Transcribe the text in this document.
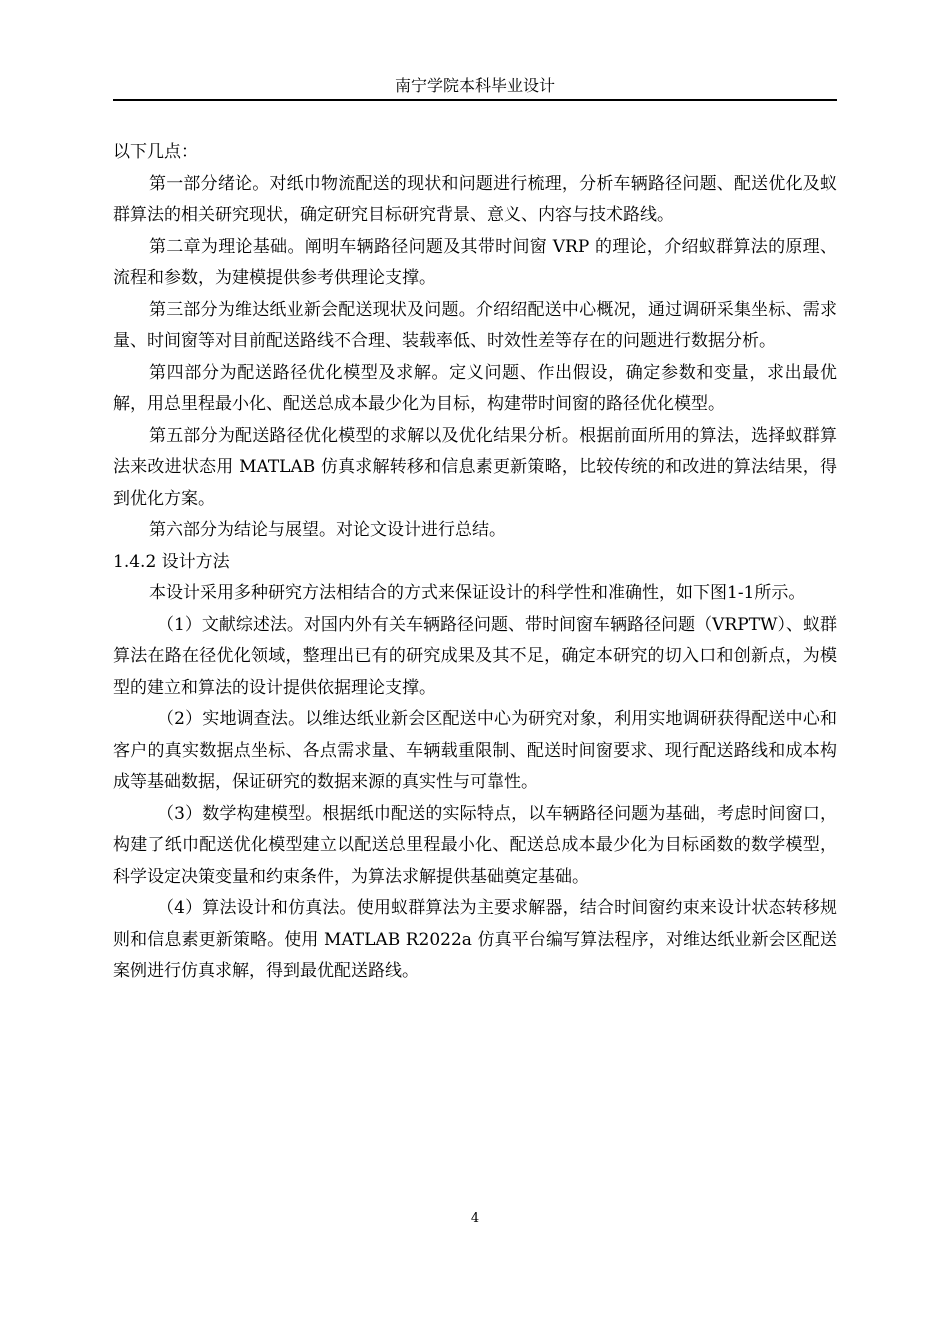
南宁学院本科毕业设计

以下几点：

第一部分绪论。对纸巾物流配送的现状和问题进行梳理，分析车辆路径问题、配送优化及蚁群算法的相关研究现状，确定研究目标研究背景、意义、内容与技术路线。

第二章为理论基础。阐明车辆路径问题及其带时间窗 VRP 的理论，介绍蚁群算法的原理、流程和参数，为建模提供参考供理论支撑。

第三部分为维达纸业新会配送现状及问题。介绍绍配送中心概况，通过调研采集坐标、需求量、时间窗等对目前配送路线不合理、装载率低、时效性差等存在的问题进行数据分析。

第四部分为配送路径优化模型及求解。定义问题、作出假设，确定参数和变量，求出最优解，用总里程最小化、配送总成本最少化为目标，构建带时间窗的路径优化模型。

第五部分为配送路径优化模型的求解以及优化结果分析。根据前面所用的算法，选择蚁群算法来改进状态用 MATLAB 仿真求解转移和信息素更新策略，比较传统的和改进的算法结果，得到优化方案。

第六部分为结论与展望。对论文设计进行总结。

1.4.2 设计方法

本设计采用多种研究方法相结合的方式来保证设计的科学性和准确性，如下图1-1所示。

（1）文献综述法。对国内外有关车辆路径问题、带时间窗车辆路径问题（VRPTW）、蚁群算法在路在径优化领域，整理出已有的研究成果及其不足，确定本研究的切入口和创新点，为模型的建立和算法的设计提供依据理论支撑。

（2）实地调查法。以维达纸业新会区配送中心为研究对象，利用实地调研获得配送中心和客户的真实数据点坐标、各点需求量、车辆载重限制、配送时间窗要求、现行配送路线和成本构成等基础数据，保证研究的数据来源的真实性与可靠性。

（3）数学构建模型。根据纸巾配送的实际特点，以车辆路径问题为基础，考虑时间窗口，构建了纸巾配送优化模型建立以配送总里程最小化、配送总成本最少化为目标函数的数学模型，科学设定决策变量和约束条件，为算法求解提供基础奠定基础。

（4）算法设计和仿真法。使用蚁群算法为主要求解器，结合时间窗约束来设计状态转移规则和信息素更新策略。使用 MATLAB R2022a 仿真平台编写算法程序，对维达纸业新会区配送案例进行仿真求解，得到最优配送路线。

4
